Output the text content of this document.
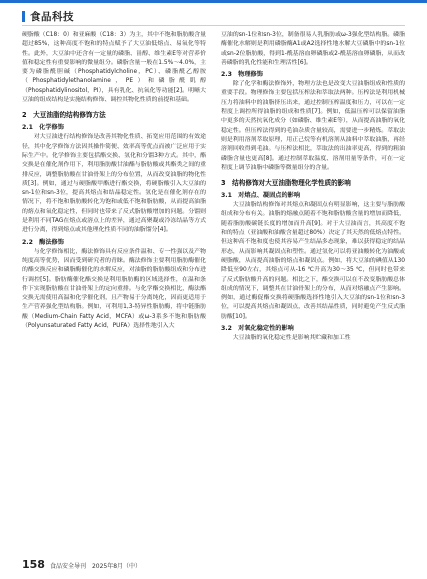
食品科技

硬脂酸（C18：0）和亚麻酸（C18：3）为主，其中不饱和脂肪酸含量超过85%，这种高度不饱和的特点赋予了大豆油低熔点、易氧化等特性。此外，大豆油中还含有一定量的磷脂、甾醇、维生素E等对营养价值和稳定性有重要影响的微量组分。磷脂含量一般在1.5%～4.0%，主要为磷脂酰胆碱（Phosphatidylcholine，PC）、磷脂酰乙醇胺（Phosphatidylethanolamine，PE）和磷脂酰肌醇（Phosphatidylinositol，PI），具有乳化、抗氧化等功能[2]。明晰大豆油的组成结构是实施结构修饰、调控其物化性质的前提和基础。

2　大豆油脂的结构修饰方法
2.1　化学修饰

对大豆油进行结构修饰是改善其物化性质、拓宽应用范围的有效途径，其中化学修饰方法因其操作简便、效率高等优点而被广泛应用于实际生产中。化学修饰主要包括酯交换、氢化和分馏3种方式。其中，酯交换是在催化剂作用下，利用脂肪酸甘油酯与脂肪酸或其酯类之间的重排反应，调整脂肪酸在甘油骨架上的分布位置，从而改变油脂的物化性质[3]。例如，通过与硬脂酸甲酯进行酯交换，将硬脂酸引入大豆油的sn-1位和sn-3位，提高其熔点和结晶稳定性。氢化是在催化剂存在的情况下，将不饱和脂肪酸转化为饱和或低不饱和脂肪酸，从而提高油脂的熔点和氧化稳定性，但同时也带来了反式脂肪酸增加的问题。分馏则是利用不同TAG在熔点或溶点上的差异，通过高聚凝或冷冻结晶等方式进行分离，得到熔点或其他理化性质不同的油脂馏分[4]。

2.2　酶法修饰

与化学修饰相比，酶法修饰具有反应条件温和、专一性强以及产物纯度高等优势，因而受到研究者的青睐。酶法修饰主要利用脂肪酶催化的酯交换反应和磷脂酶催化的水解反应，对油脂的脂肪酸组成和分布进行调控[5]。脂肪酶催化酯交换是利用脂肪酶的区域选择性，在温和条件下实现脂肪酸在甘油骨架上的定向重排。与化学酯交换相比，酶法酯交换无需使用高温和化学催化剂，且产物易于分离纯化，因而更适用于生产营养强化型结构脂。例如，可利用1,3-特异性脂肪酶，将中链脂肪酸（Medium-Chain Fatty Acid，MCFA）或ω-3系多不饱和脂肪酸（Polyunsaturated Fatty Acid，PUFA）选择性地引入大

豆油的sn-1位和sn-3位，制备很易人乳脂肪或ω-3强化型结构脂。磷脂酶催化水解则是利用磷脂酶A1或A2选择性地水解大豆磷脂中的sn-1位或sn-2位脂肪酸，得到1-酰基溶血卵磷脂或2-酰基溶血卵磷脂，从而改善磷脂的乳化性能和生理活性[6]。

2.3　物理修饰

除了化学和酶法修饰外，物理方法也是改变大豆油脂组成和性质的重要手段。物理修饰主要包括压榨法和萃取法两种。压榨法是利用机械压力将油料中的油脂挤压出来，通过控制压榨温度和压力，可以在一定程度上调控所得油脂的组成和性质[7]。例如，低温压榨可以保留油脂中更多的天然抗氧化成分（如磷脂、维生素E等），从而提高油脂的氧化稳定性。但压榨法得到的毛油杂质含量较高，需要进一步精炼。萃取法则是利用溶剂萃取原理，用正己烷等有机溶剂从油料中萃取油脂，再经溶剂回收得到毛油。与压榨法相比，萃取法的出油率更高，得到的粗油磷脂含量也更高[8]。通过控制萃取温度、溶剂用量等条件，可在一定程度上调节油脂中磷脂等微量组分的含量。

3　结构修饰对大豆油脂物理化学性质的影响
3.1　对熔点、凝固点的影响

大豆油脂结构修饰对其熔点和凝固点有明显影响，这主要与脂肪酸组成和分布有关。油脂的熔融点随着不饱和脂肪酸含量的增加而降低，随着脂肪酸碳链长度的增加而升高[9]。对于大豆油而言，其高度不饱和的特点（亚油酸和油酸含量超过80%）决定了其天然的低熔点特性。但这种高不饱和度也使其容易产生结晶多态现象，难以获得稳定的结晶形态，从而影响其凝固点和塑性。通过氢化可以将亚油酸转化为油酸或硬脂酸，从而提高油脂的熔点和凝固点。例如，将大豆油的碘值从130降低至90左右，其熔点可从-16 ℃升高为30～35 ℃，但同时也带来了反式脂肪酸升高的问题。相比之下，酯交换可以在不改变脂肪酸总体组成的情况下，调整其在甘油骨架上的分布，从而对熔融点产生影响。例如，通过酶促酯交换将硬脂酸选择性地引入大豆油的sn-1位和sn-3位，可以提高其熔点和凝固点，改善其结晶性质，同时避免产生反式脂肪酸[10]。

3.2　对氧化稳定性的影响

大豆油脂的氧化稳定性是影响其贮藏和加工性

158 食品安全导刊　2025年8月（中）
